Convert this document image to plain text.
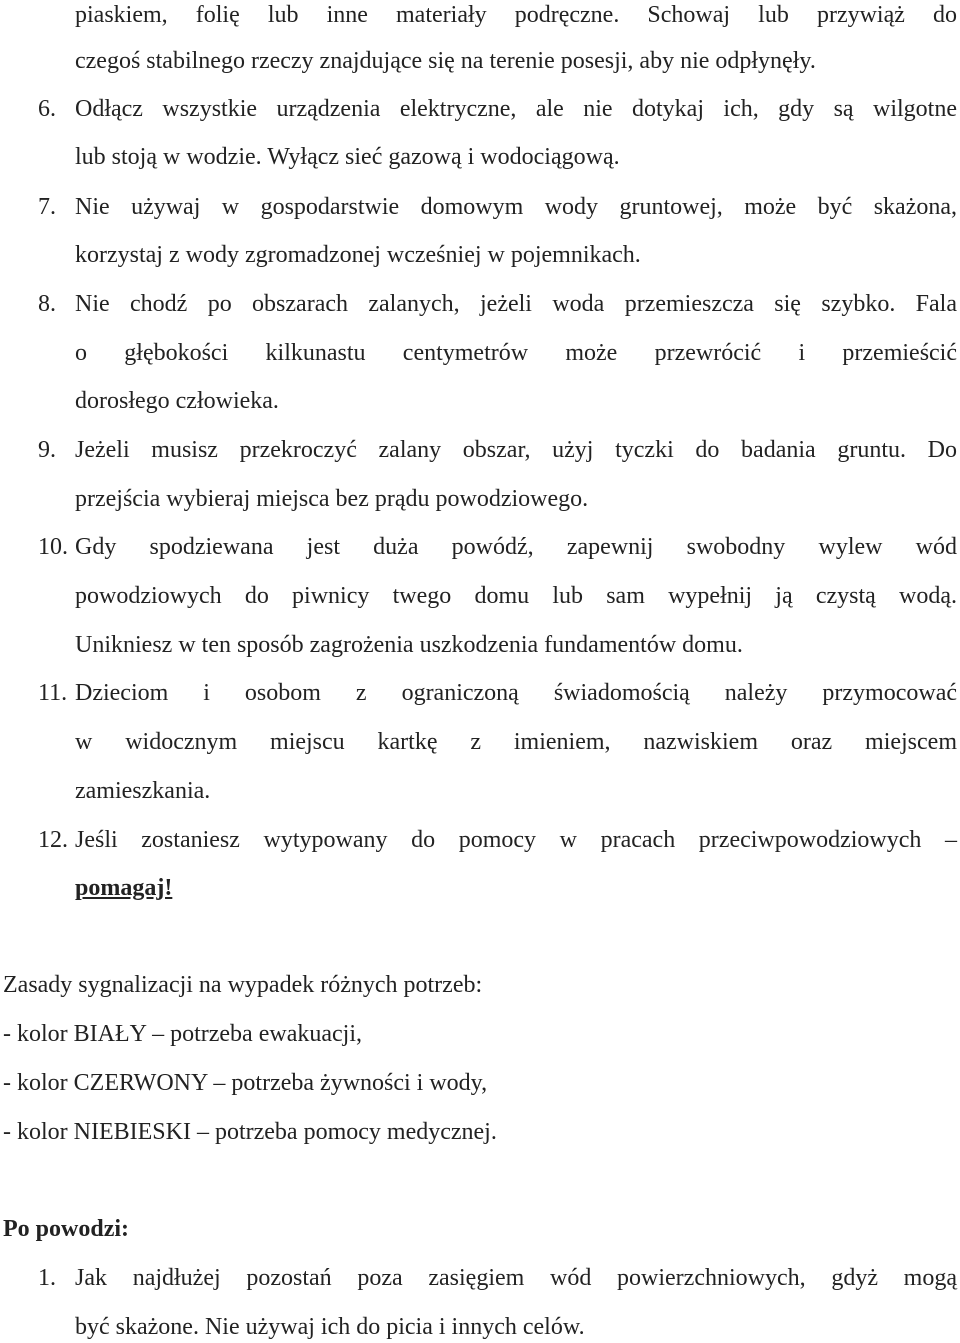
piaskiem, folię lub inne materiały podręczne. Schowaj lub przywiąż do
czegoś stabilnego rzeczy znajdujące się na terenie posesji, aby nie odpłynęły.
6. Odłącz wszystkie urządzenia elektryczne, ale nie dotykaj ich, gdy są wilgotne
lub stoją w wodzie. Wyłącz sieć gazową i wodociągową.
7. Nie używaj w gospodarstwie domowym wody gruntowej, może być skażona,
korzystaj z wody zgromadzonej wcześniej w pojemnikach.
8. Nie chodź po obszarach zalanych, jeżeli woda przemieszcza się szybko. Fala
o głębokości kilkunastu centymetrów może przewrócić i przemieścić
dorosłego człowieka.
9. Jeżeli musisz przekroczyć zalany obszar, użyj tyczki do badania gruntu. Do
przejścia wybieraj miejsca bez prądu powodziowego.
10. Gdy spodziewana jest duża powódź, zapewnij swobodny wylew wód
powodziowych do piwnicy twego domu lub sam wypełnij ją czystą wodą.
Unikniesz w ten sposób zagrożenia uszkodzenia fundamentów domu.
11. Dzieciom i osobom z ograniczoną świadomością należy przymocować
w widocznym miejscu kartkę z imieniem, nazwiskiem oraz miejscem
zamieszkania.
12. Jeśli zostaniesz wytypowany do pomocy w pracach przeciwpowodziowych –
pomagaj!
Zasady sygnalizacji na wypadek różnych potrzeb:
- kolor BIAŁY – potrzeba ewakuacji,
- kolor CZERWONY – potrzeba żywności i wody,
- kolor NIEBIESKI – potrzeba pomocy medycznej.
Po powodzi:
1. Jak najdłużej pozostań poza zasięgiem wód powierzchniowych, gdyż mogą
być skażone. Nie używaj ich do picia i innych celów.
